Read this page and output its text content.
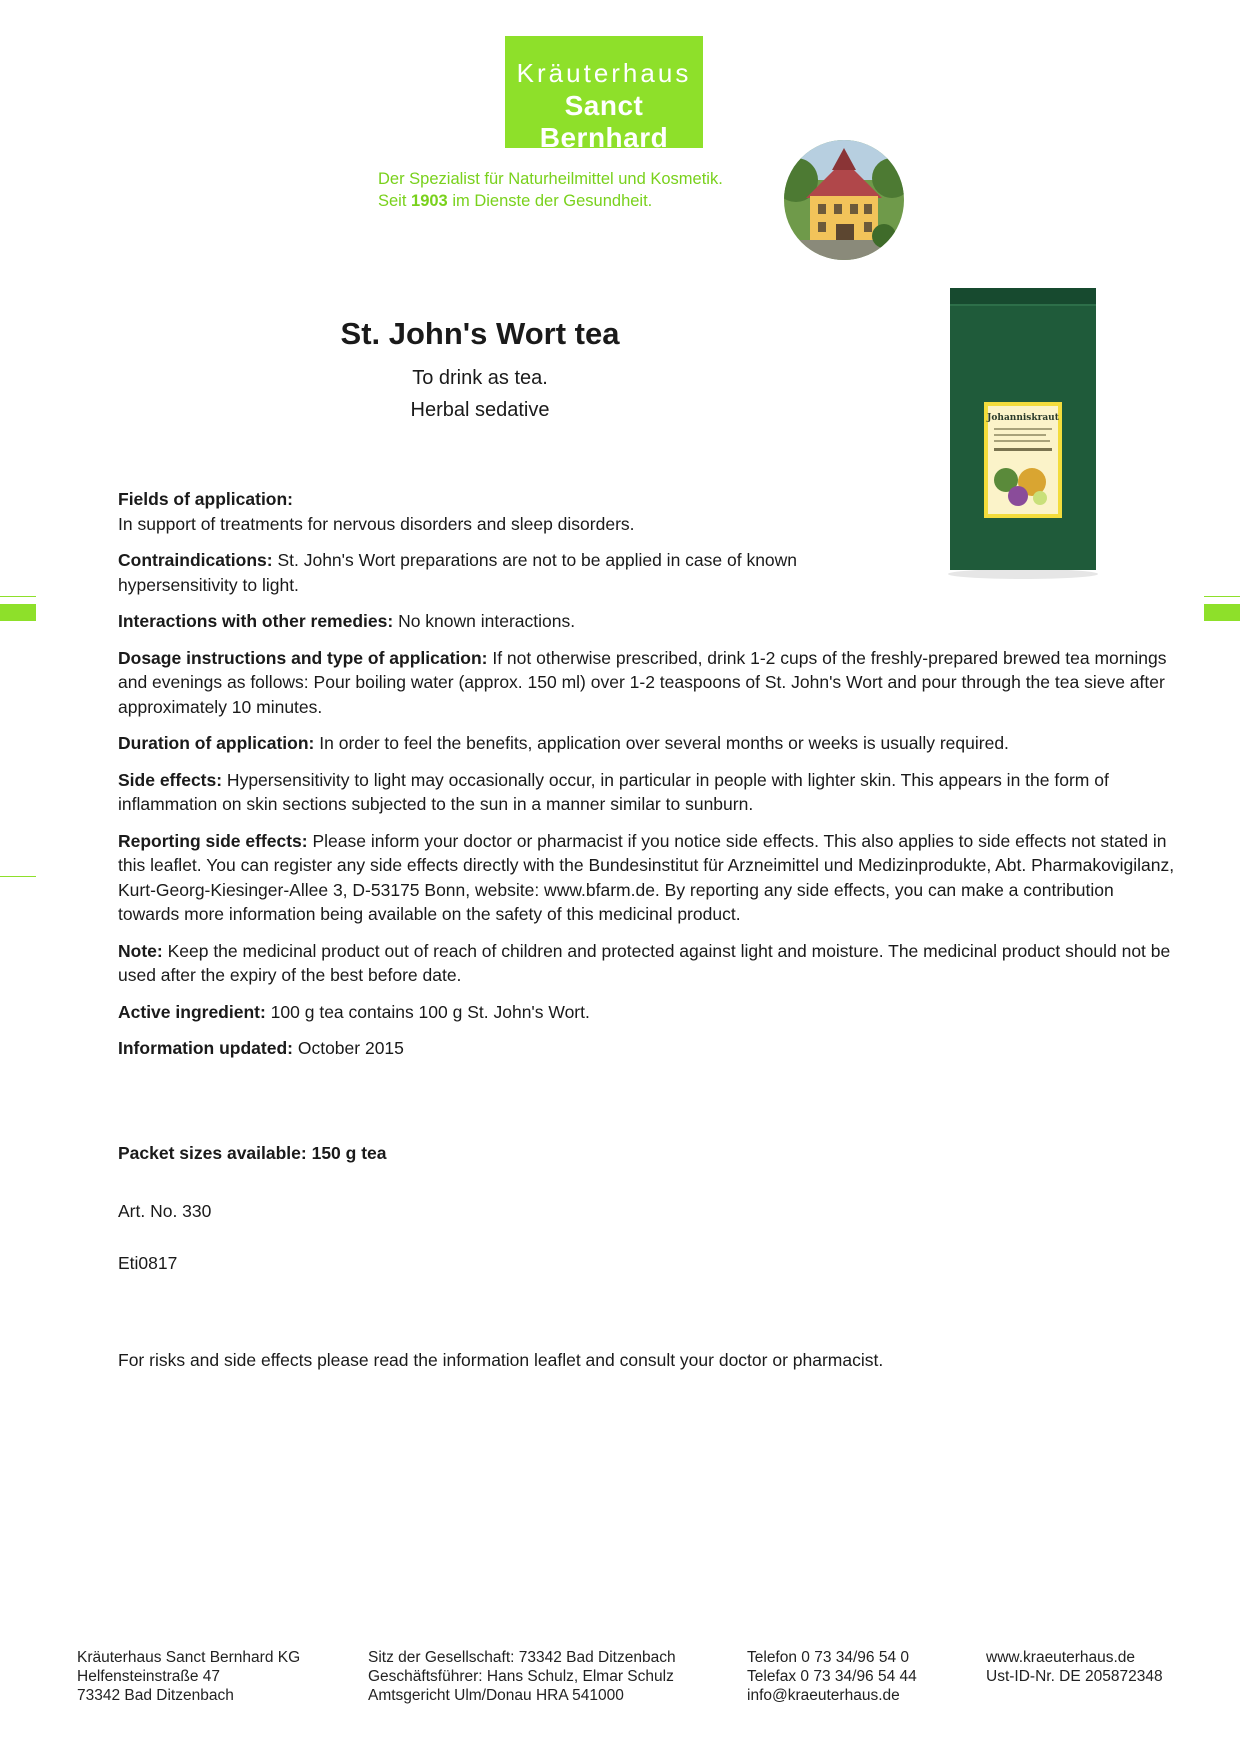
Kräuterhaus
Sanct Bernhard
Der Spezialist für Naturheilmittel und Kosmetik.
Seit 1903 im Dienste der Gesundheit.
St. John's Wort tea
To drink as tea.
Herbal sedative	Johanniskraut

Fields of application:
In support of treatments for nervous disorders and sleep disorders.

Contraindications: St. John's Wort preparations are not to be applied in case of known hypersensitivity to light.

Interactions with other remedies: No known interactions.

Dosage instructions and type of application: If not otherwise prescribed, drink 1-2 cups of the freshly-prepared brewed tea mornings and evenings as follows: Pour boiling water (approx. 150 ml) over 1-2 teaspoons of St. John's Wort and pour through the tea sieve after approximately 10 minutes.

Duration of application: In order to feel the benefits, application over several months or weeks is usually required.

Side effects: Hypersensitivity to light may occasionally occur, in particular in people with lighter skin. This appears in the form of inflammation on skin sections subjected to the sun in a manner similar to sunburn.

Reporting side effects: Please inform your doctor or pharmacist if you notice side effects. This also applies to side effects not stated in this leaflet. You can register any side effects directly with the Bundesinstitut für Arzneimittel und Medizinprodukte, Abt. Pharmakovigilanz, Kurt-Georg-Kiesinger-Allee 3, D-53175 Bonn, website: www.bfarm.de. By reporting any side effects, you can make a contribution towards more information being available on the safety of this medicinal product.

Note: Keep the medicinal product out of reach of children and protected against light and moisture. The medicinal product should not be used after the expiry of the best before date.

Active ingredient: 100 g tea contains 100 g St. John's Wort.

Information updated: October 2015

Packet sizes available: 150 g tea
Art. No. 330
Eti0817
For risks and side effects please read the information leaflet and consult your doctor or pharmacist.
Kräuterhaus Sanct Bernhard KG
Helfensteinstraße 47
73342 Bad Ditzenbach
Sitz der Gesellschaft: 73342 Bad Ditzenbach
Geschäftsführer: Hans Schulz, Elmar Schulz
Amtsgericht Ulm/Donau HRA 541000
Telefon 0 73 34/96 54 0
Telefax 0 73 34/96 54 44
info@kraeuterhaus.de
www.kraeuterhaus.de
Ust-ID-Nr. DE 205872348
